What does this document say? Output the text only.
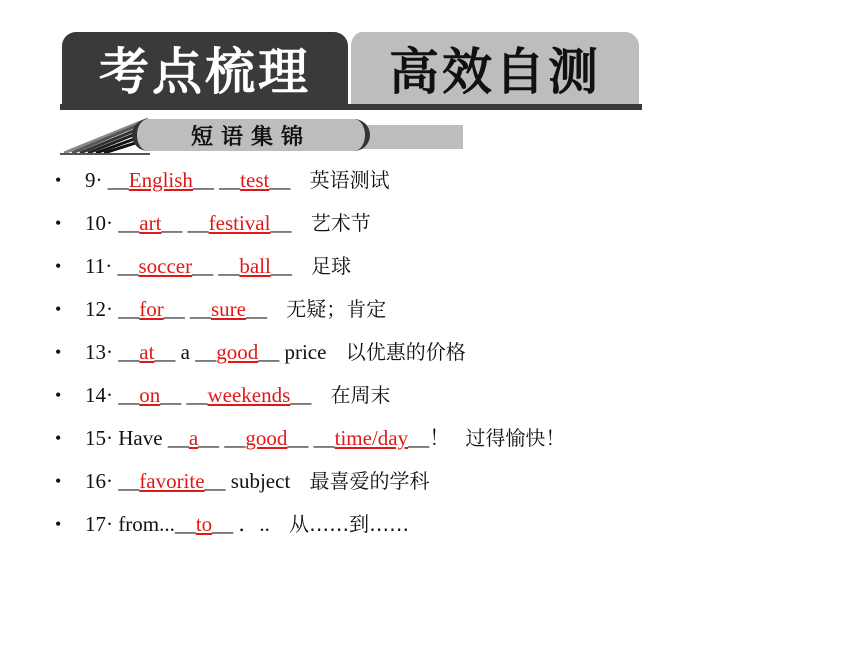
考点梳理	高效自测
短语集锦
• 9· __English__ __test__ 英语测试
• 10· __art__ __festival__ 艺术节
• 11· __soccer__ __ball__ 足球
• 12· __for__ __sure__ 无疑；肯定
• 13· __at__ a __good__ price 以优惠的价格
• 14· __on__ __weekends__ 在周末
• 15· Have __a__ __good__ __time/day__！ 过得愉快！
• 16· __favorite__ subject 最喜爱的学科
• 17· from...__to__ ．.. 从……到……
